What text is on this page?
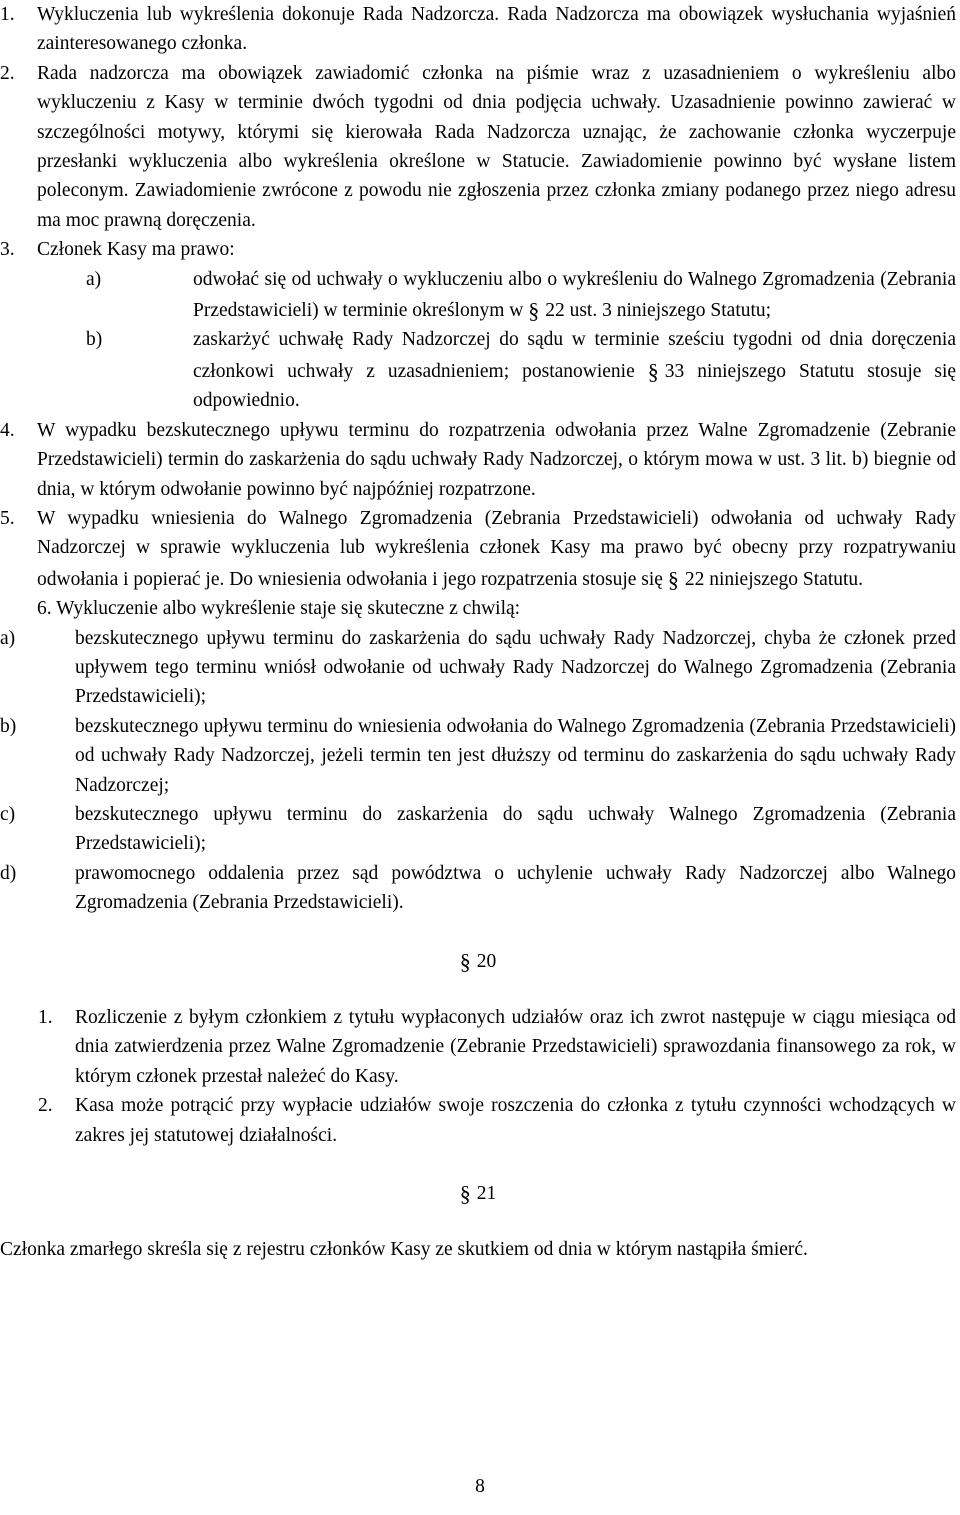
1. Wykluczenia lub wykreślenia dokonuje Rada Nadzorcza. Rada Nadzorcza ma obowiązek wysłuchania wyjaśnień zainteresowanego członka.
2. Rada nadzorcza ma obowiązek zawiadomić członka na piśmie wraz z uzasadnieniem o wykreśleniu albo wykluczeniu z Kasy w terminie dwóch tygodni od dnia podjęcia uchwały. Uzasadnienie powinno zawierać w szczególności motywy, którymi się kierowała Rada Nadzorcza uznając, że zachowanie członka wyczerpuje przesłanki wykluczenia albo wykreślenia określone w Statucie. Zawiadomienie powinno być wysłane listem poleconym. Zawiadomienie zwrócone z powodu nie zgłoszenia przez członka zmiany podanego przez niego adresu ma moc prawną doręczenia.
3. Członek Kasy ma prawo:
a)	odwołać się od uchwały o wykluczeniu albo o wykreśleniu do Walnego Zgromadzenia (Zebrania Przedstawicieli) w terminie określonym w § 22 ust. 3 niniejszego Statutu;
b)	zaskarżyć uchwałę Rady Nadzorczej do sądu w terminie sześciu tygodni od dnia doręczenia członkowi uchwały z uzasadnieniem; postanowienie § 33 niniejszego Statutu stosuje się odpowiednio.
4. W wypadku bezskutecznego upływu terminu do rozpatrzenia odwołania przez Walne Zgromadzenie (Zebranie Przedstawicieli) termin do zaskarżenia do sądu uchwały Rady Nadzorczej, o którym mowa w ust. 3 lit. b) biegnie od dnia, w którym odwołanie powinno być najpóźniej rozpatrzone.
5. W wypadku wniesienia do Walnego Zgromadzenia (Zebrania Przedstawicieli) odwołania od uchwały Rady Nadzorczej w sprawie wykluczenia lub wykreślenia członek Kasy ma prawo być obecny przy rozpatrywaniu odwołania i popierać je. Do wniesienia odwołania i jego rozpatrzenia stosuje się § 22 niniejszego Statutu.
6. Wykluczenie albo wykreślenie staje się skuteczne z chwilą:
a)	bezskutecznego upływu terminu do zaskarżenia do sądu uchwały Rady Nadzorczej, chyba że członek przed upływem tego terminu wniósł odwołanie od uchwały Rady Nadzorczej do Walnego Zgromadzenia (Zebrania Przedstawicieli);
b)	bezskutecznego upływu terminu do wniesienia odwołania do Walnego Zgromadzenia (Zebrania Przedstawicieli) od uchwały Rady Nadzorczej, jeżeli termin ten jest dłuższy od terminu do zaskarżenia do sądu uchwały Rady Nadzorczej;
c)	bezskutecznego upływu terminu do zaskarżenia do sądu uchwały Walnego Zgromadzenia (Zebrania Przedstawicieli);
d)	prawomocnego oddalenia przez sąd powództwa o uchylenie uchwały Rady Nadzorczej albo Walnego Zgromadzenia (Zebrania Przedstawicieli).
§ 20
1. Rozliczenie z byłym członkiem z tytułu wypłaconych udziałów oraz ich zwrot następuje w ciągu miesiąca od dnia zatwierdzenia przez Walne Zgromadzenie (Zebranie Przedstawicieli) sprawozdania finansowego za rok, w którym członek przestał należeć do Kasy.
2. Kasa może potrącić przy wypłacie udziałów swoje roszczenia do członka z tytułu czynności wchodzących w zakres jej statutowej działalności.
§ 21
Członka zmarłego skreśla się z rejestru członków Kasy ze skutkiem od dnia w którym nastąpiła śmierć.
8
